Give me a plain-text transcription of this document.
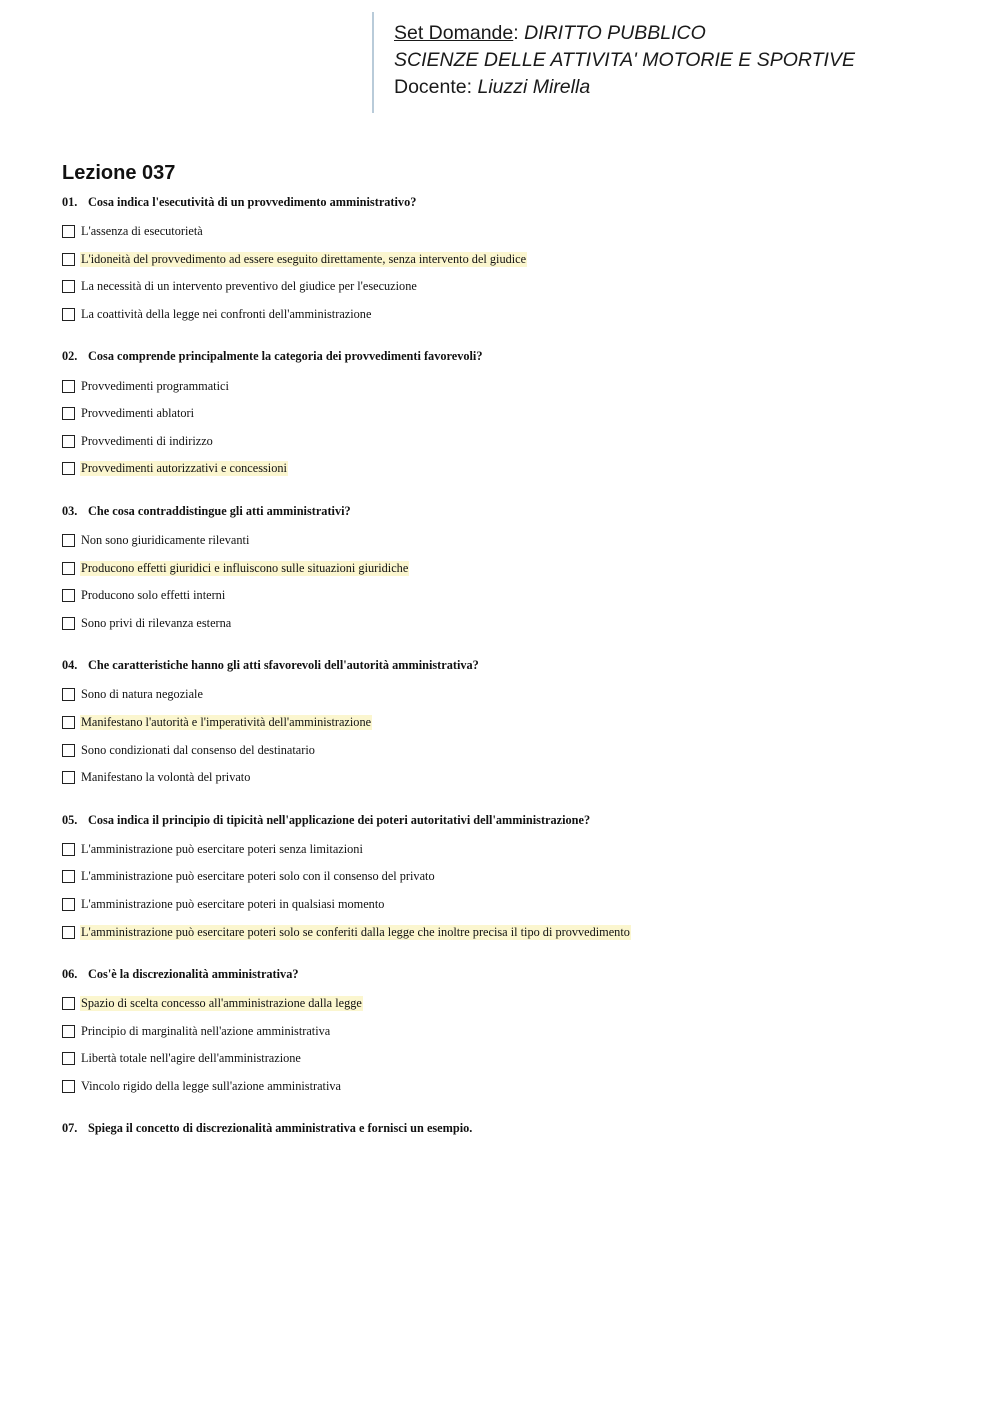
Set Domande: DIRITTO PUBBLICO
SCIENZE DELLE ATTIVITA' MOTORIE E SPORTIVE
Docente: Liuzzi Mirella
Lezione 037
01. Cosa indica l'esecutività di un provvedimento amministrativo?
L'assenza di esecutorietà
L'idoneità del provvedimento ad essere eseguito direttamente, senza intervento del giudice
La necessità di un intervento preventivo del giudice per l'esecuzione
La coattività della legge nei confronti dell'amministrazione
02. Cosa comprende principalmente la categoria dei provvedimenti favorevoli?
Provvedimenti programmatici
Provvedimenti ablatori
Provvedimenti di indirizzo
Provvedimenti autorizzativi e concessioni
03. Che cosa contraddistingue gli atti amministrativi?
Non sono giuridicamente rilevanti
Producono effetti giuridici e influiscono sulle situazioni giuridiche
Producono solo effetti interni
Sono privi di rilevanza esterna
04. Che caratteristiche hanno gli atti sfavorevoli dell'autorità amministrativa?
Sono di natura negoziale
Manifestano l'autorità e l'imperatività dell'amministrazione
Sono condizionati dal consenso del destinatario
Manifestano la volontà del privato
05. Cosa indica il principio di tipicità nell'applicazione dei poteri autoritativi dell'amministrazione?
L'amministrazione può esercitare poteri senza limitazioni
L'amministrazione può esercitare poteri solo con il consenso del privato
L'amministrazione può esercitare poteri in qualsiasi momento
L'amministrazione può esercitare poteri solo se conferiti dalla legge che inoltre precisa il tipo di provvedimento
06. Cos'è la discrezionalità amministrativa?
Spazio di scelta concesso all'amministrazione dalla legge
Principio di marginalità nell'azione amministrativa
Libertà totale nell'agire dell'amministrazione
Vincolo rigido della legge sull'azione amministrativa
07. Spiega il concetto di discrezionalità amministrativa e fornisci un esempio.
